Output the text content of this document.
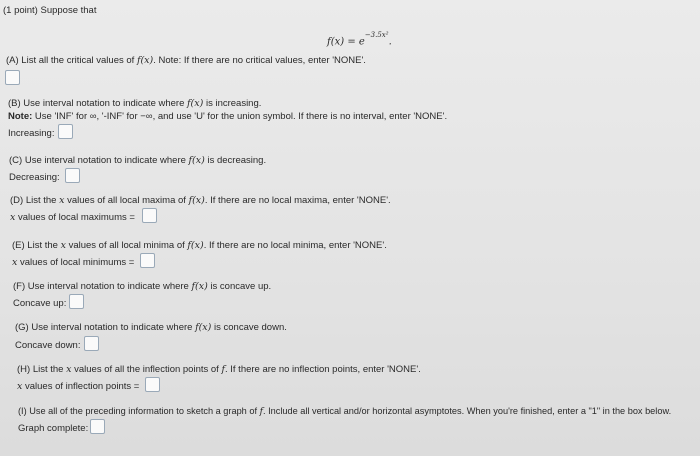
(1 point) Suppose that
$f(x) = e^{-3.5x^2}$.
(A) List all the critical values of f(x). Note: If there are no critical values, enter 'NONE'.
(B) Use interval notation to indicate where f(x) is increasing.
Note: Use 'INF' for ∞, '-INF' for −∞, and use 'U' for the union symbol. If there is no interval, enter 'NONE'.
Increasing:
(C) Use interval notation to indicate where f(x) is decreasing.
Decreasing:
(D) List the x values of all local maxima of f(x). If there are no local maxima, enter 'NONE'.
x values of local maximums =
(E) List the x values of all local minima of f(x). If there are no local minima, enter 'NONE'.
x values of local minimums =
(F) Use interval notation to indicate where f(x) is concave up.
Concave up:
(G) Use interval notation to indicate where f(x) is concave down.
Concave down:
(H) List the x values of all the inflection points of f. If there are no inflection points, enter 'NONE'.
x values of inflection points =
(I) Use all of the preceding information to sketch a graph of f. Include all vertical and/or horizontal asymptotes. When you're finished, enter a "1" in the box below.
Graph complete:
